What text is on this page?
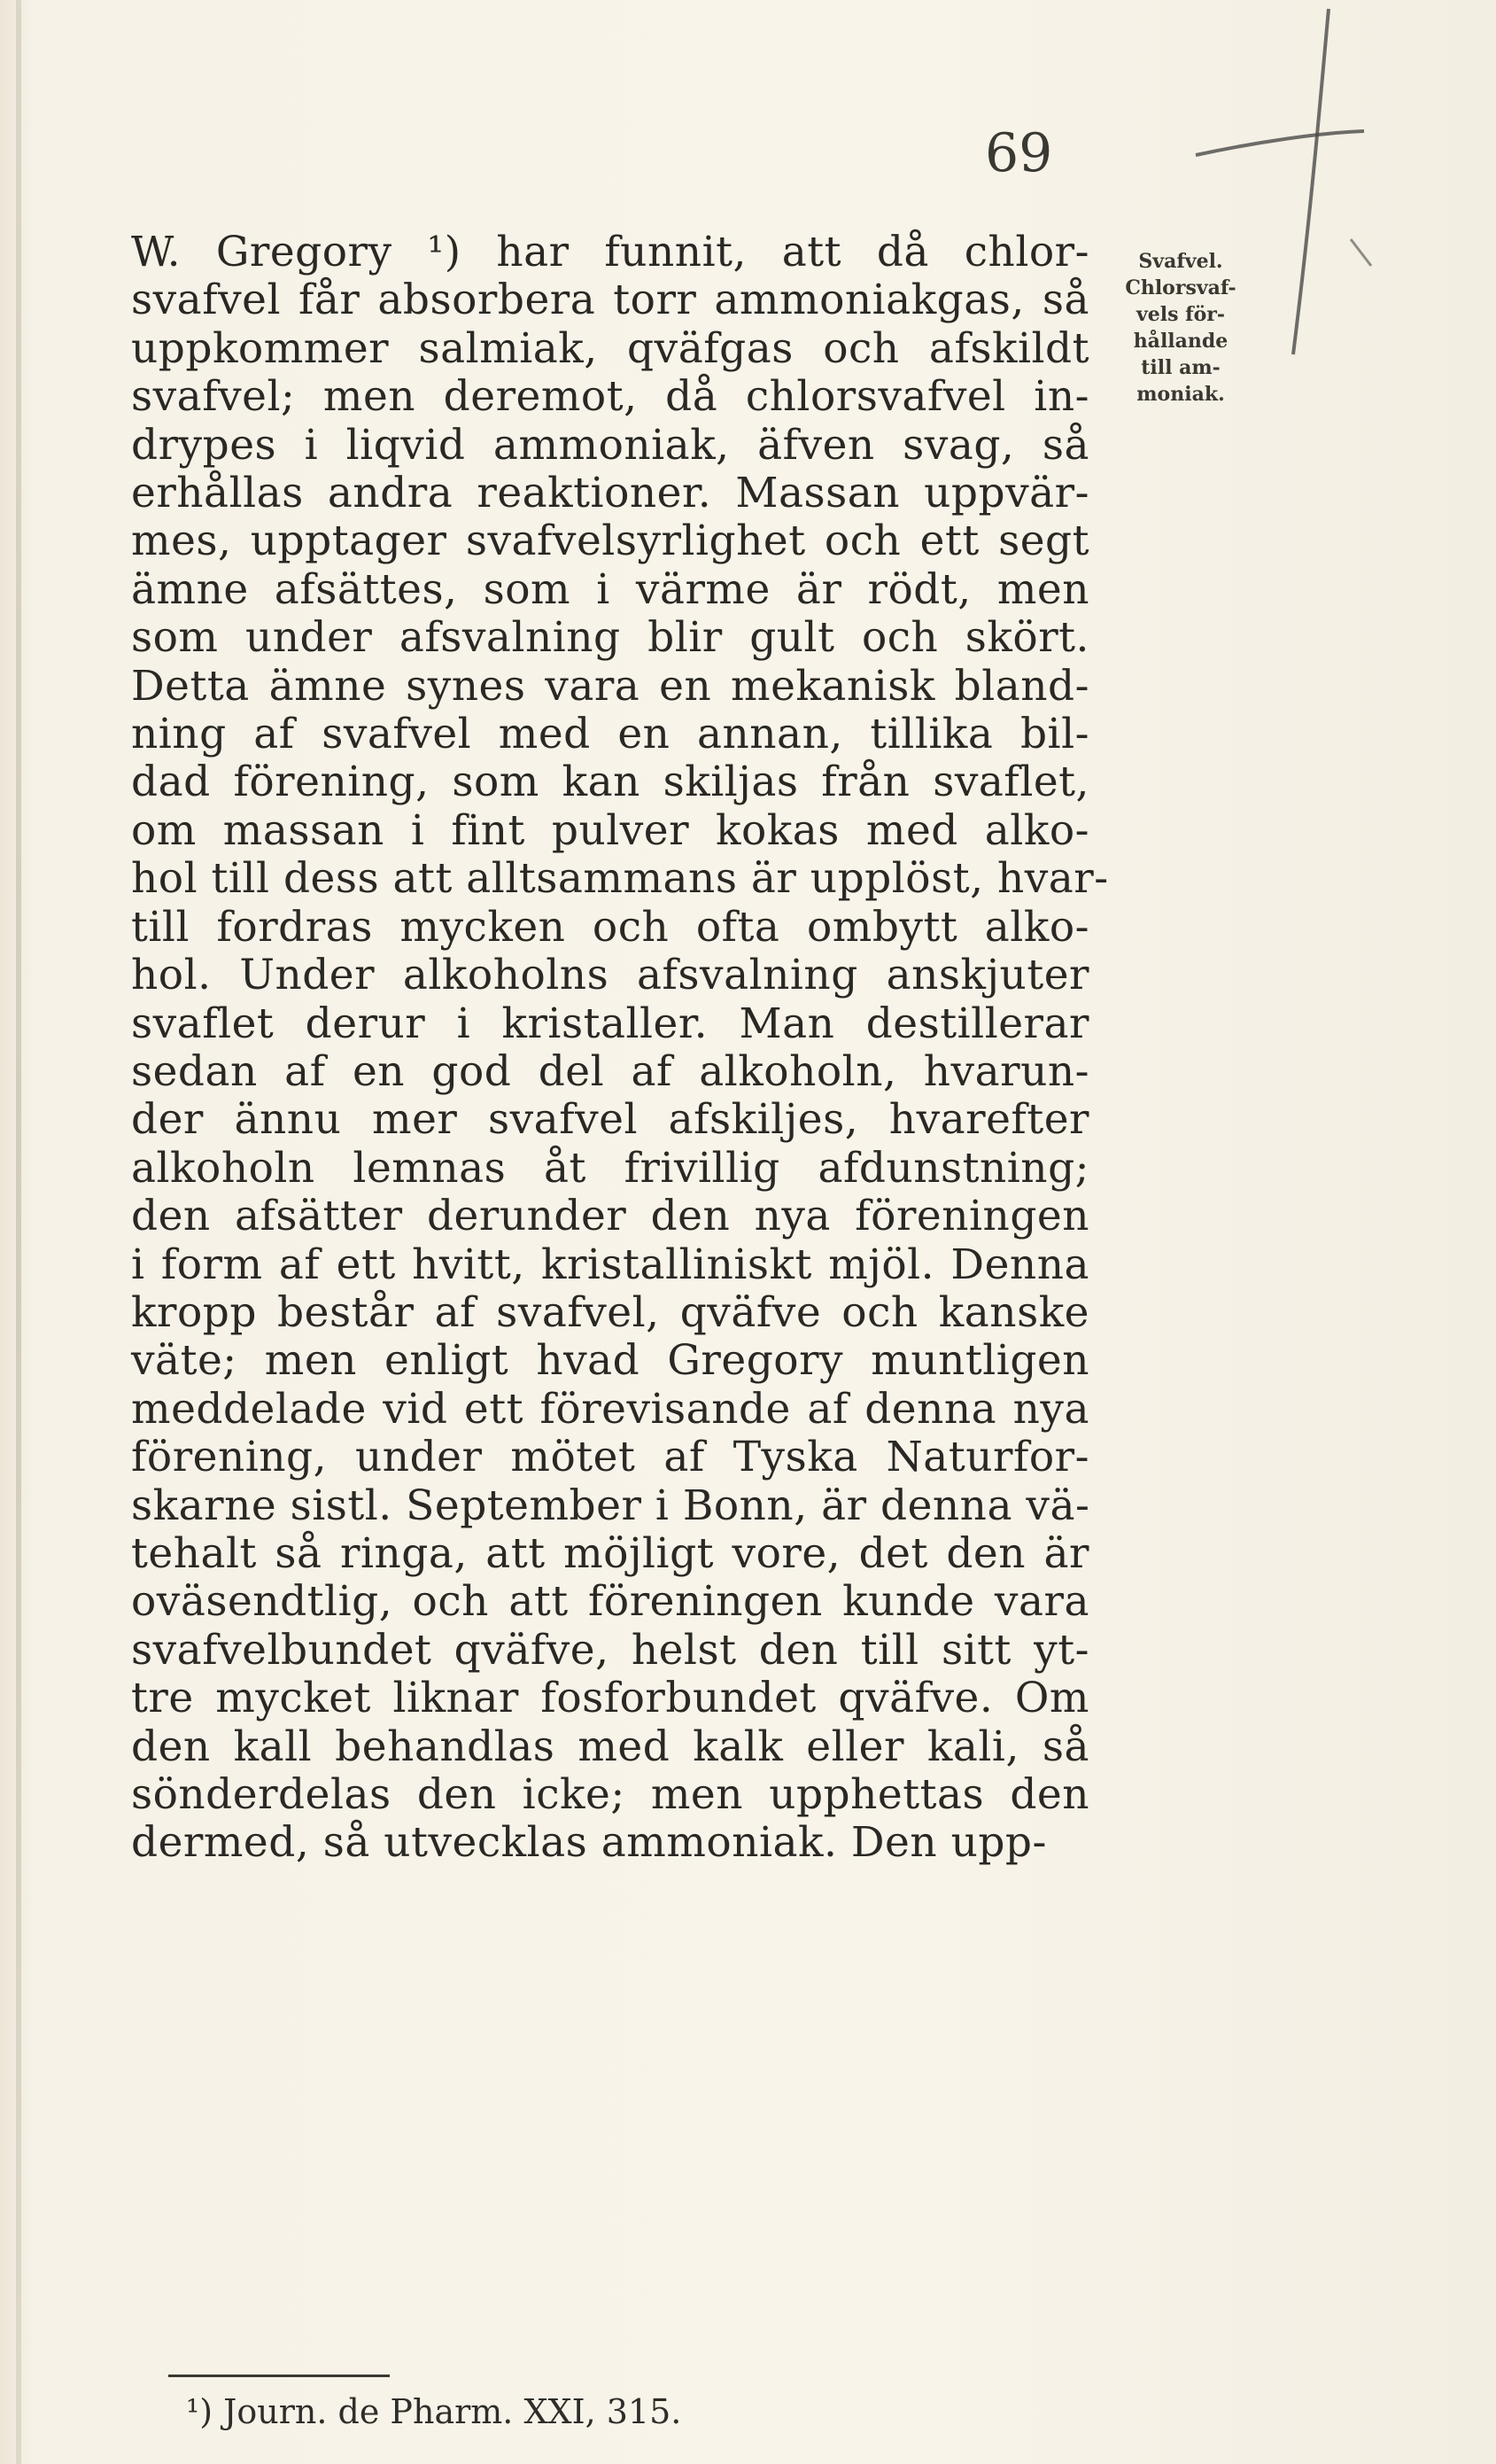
69
Svafvel.
Chlorsvaf-
vels för-
hållande
till am-
moniak.
W. Gregory ¹) har funnit, att då chlor-
svafvel får absorbera torr ammoniakgas, så
uppkommer salmiak, qväfgas och afskildt
svafvel; men deremot, då chlorsvafvel in-
drypes i liqvid ammoniak, äfven svag, så
erhållas andra reaktioner. Massan uppvär-
mes, upptager svafvelsyrlighet och ett segt
ämne afsättes, som i värme är rödt, men
som under afsvalning blir gult och skört.
Detta ämne synes vara en mekanisk bland-
ning af svafvel med en annan, tillika bil-
dad förening, som kan skiljas från svaflet,
om massan i fint pulver kokas med alko-
hol till dess att alltsammans är upplöst, hvar-
till fordras mycken och ofta ombytt alko-
hol. Under alkoholns afsvalning anskjuter
svaflet derur i kristaller. Man destillerar
sedan af en god del af alkoholn, hvarun-
der ännu mer svafvel afskiljes, hvarefter
alkoholn lemnas åt frivillig afdunstning;
den afsätter derunder den nya föreningen
i form af ett hvitt, kristalliniskt mjöl. Denna
kropp består af svafvel, qväfve och kanske
väte; men enligt hvad Gregory muntligen
meddelade vid ett förevisande af denna nya
förening, under mötet af Tyska Naturfor-
skarne sistl. September i Bonn, är denna vä-
tehalt så ringa, att möjligt vore, det den är
oväsendtlig, och att föreningen kunde vara
svafvelbundet qväfve, helst den till sitt yt-
tre mycket liknar fosforbundet qväfve. Om
den kall behandlas med kalk eller kali, så
sönderdelas den icke; men upphettas den
dermed, så utvecklas ammoniak. Den upp-
¹) Journ. de Pharm. XXI, 315.
